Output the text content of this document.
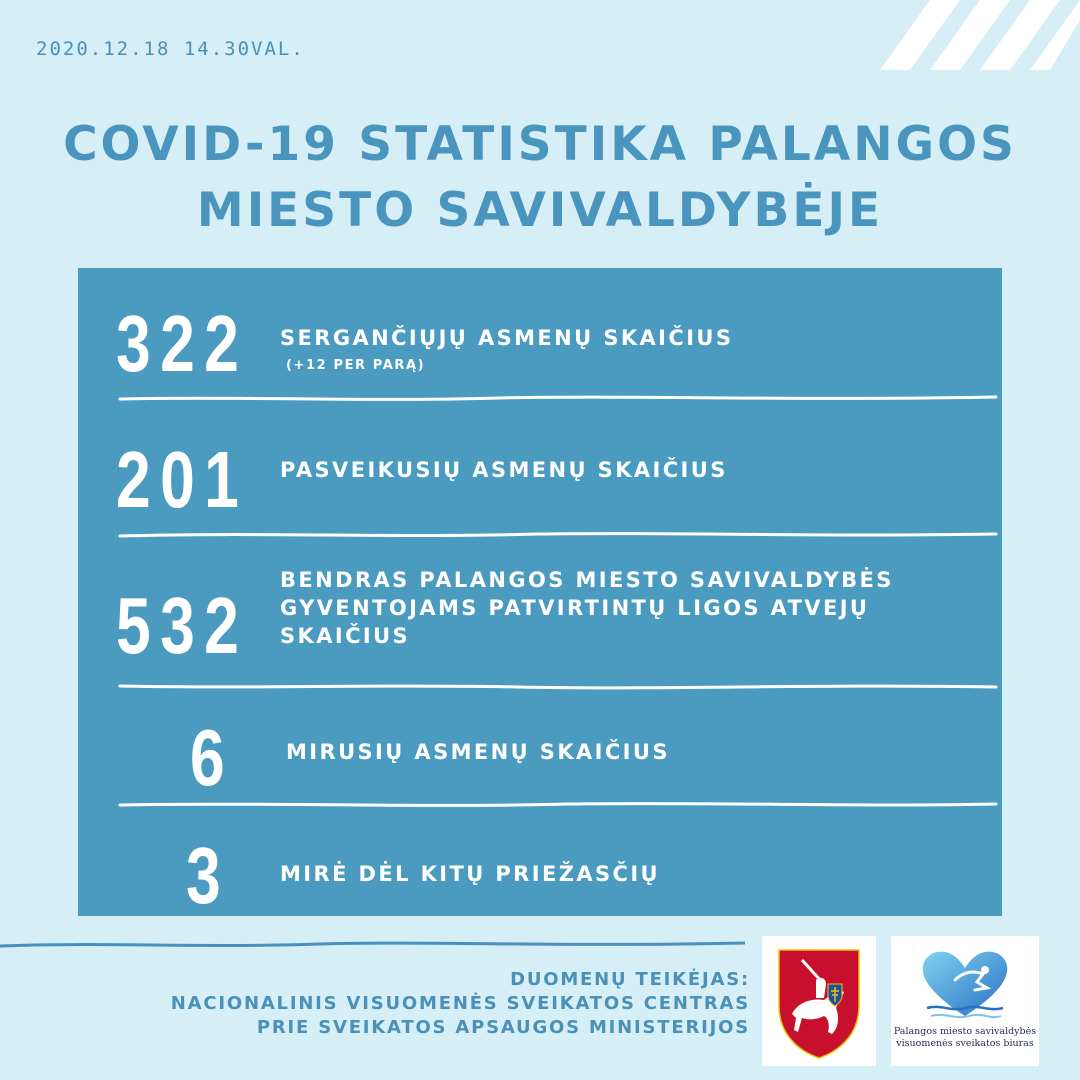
2020.12.18 14.30VAL.
COVID-19 STATISTIKA PALANGOS
MIESTO SAVIVALDYBĖJE
322 SERGANČIŲJŲ ASMENŲ SKAIČIUS
(+12 PER PARĄ)
201 PASVEIKUSIŲ ASMENŲ SKAIČIUS
532
BENDRAS PALANGOS MIESTO SAVIVALDYBĖS
GYVENTOJAMS PATVIRTINTŲ LIGOS ATVEJŲ
SKAIČIUS
6 MIRUSIŲ ASMENŲ SKAIČIUS
3 MIRĖ DĖL KITŲ PRIEŽASČIŲ
DUOMENŲ TEIKĖJAS:
NACIONALINIS VISUOMENĖS SVEIKATOS CENTRAS
PRIE SVEIKATOS APSAUGOS MINISTERIJOS	Palangos miesto savivaldybės
visuomenės sveikatos biuras
